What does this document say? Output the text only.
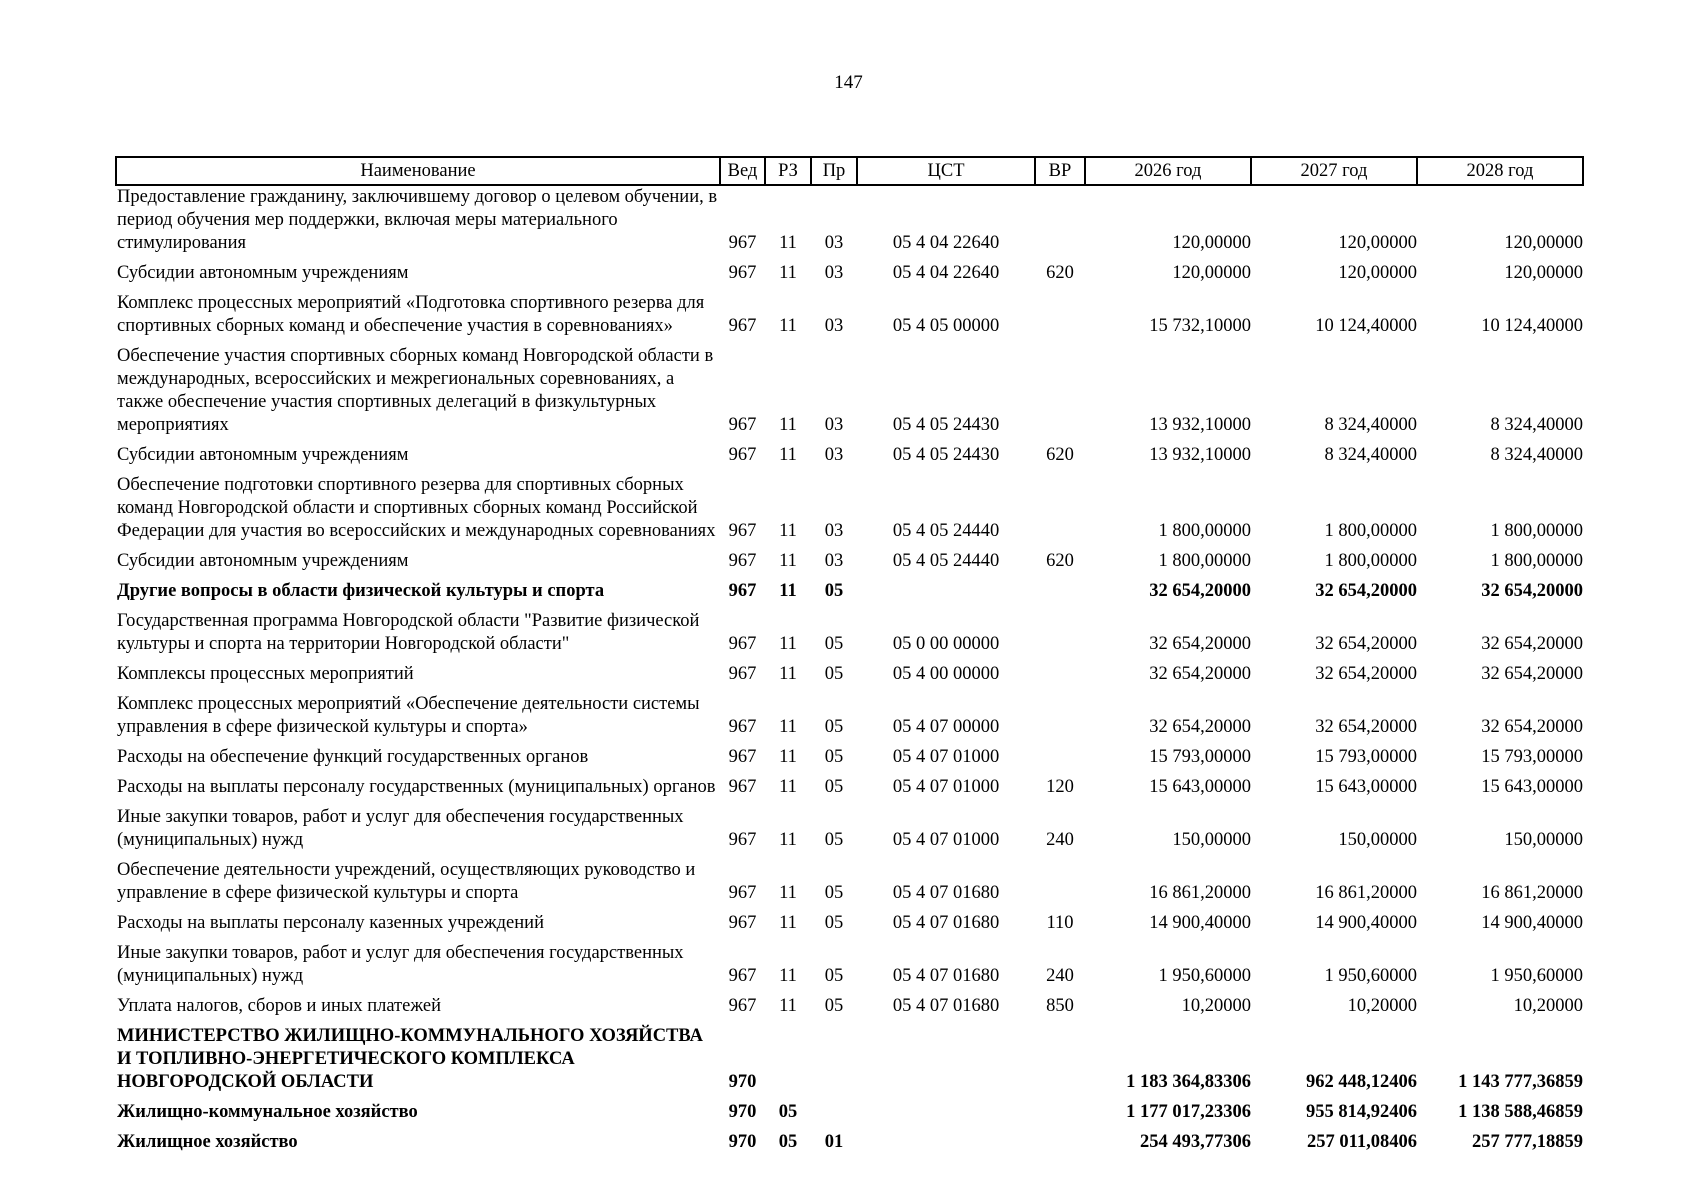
147
Наименование	Вед	РЗ	Пр	ЦСТ	ВР	2026 год	2027 год	2028 год
Предоставление гражданину, заключившему договор о целевом обучении, в период обучения мер поддержки, включая меры материального стимулирования	967	11	03	05 4 04 22640		120,00000	120,00000	120,00000
Субсидии автономным учреждениям	967	11	03	05 4 04 22640	620	120,00000	120,00000	120,00000
Комплекс процессных мероприятий «Подготовка спортивного резерва для спортивных сборных команд и обеспечение участия в соревнованиях»	967	11	03	05 4 05 00000		15 732,10000	10 124,40000	10 124,40000
Обеспечение участия спортивных сборных команд Новгородской области в международных, всероссийских и межрегиональных соревнованиях, а также обеспечение участия спортивных делегаций в физкультурных мероприятиях	967	11	03	05 4 05 24430		13 932,10000	8 324,40000	8 324,40000
Субсидии автономным учреждениям	967	11	03	05 4 05 24430	620	13 932,10000	8 324,40000	8 324,40000
Обеспечение подготовки спортивного резерва для спортивных сборных команд Новгородской области и спортивных сборных команд Российской Федерации для участия во всероссийских и международных соревнованиях	967	11	03	05 4 05 24440		1 800,00000	1 800,00000	1 800,00000
Субсидии автономным учреждениям	967	11	03	05 4 05 24440	620	1 800,00000	1 800,00000	1 800,00000
Другие вопросы в области физической культуры и спорта	967	11	05			32 654,20000	32 654,20000	32 654,20000
Государственная программа Новгородской области "Развитие физической культуры и спорта на территории Новгородской области"	967	11	05	05 0 00 00000		32 654,20000	32 654,20000	32 654,20000
Комплексы процессных мероприятий	967	11	05	05 4 00 00000		32 654,20000	32 654,20000	32 654,20000
Комплекс процессных мероприятий «Обеспечение деятельности системы управления в сфере физической культуры и спорта»	967	11	05	05 4 07 00000		32 654,20000	32 654,20000	32 654,20000
Расходы на обеспечение функций государственных органов	967	11	05	05 4 07 01000		15 793,00000	15 793,00000	15 793,00000
Расходы на выплаты персоналу государственных (муниципальных) органов	967	11	05	05 4 07 01000	120	15 643,00000	15 643,00000	15 643,00000
Иные закупки товаров, работ и услуг для обеспечения государственных (муниципальных) нужд	967	11	05	05 4 07 01000	240	150,00000	150,00000	150,00000
Обеспечение деятельности учреждений, осуществляющих руководство и управление в сфере физической культуры и спорта	967	11	05	05 4 07 01680		16 861,20000	16 861,20000	16 861,20000
Расходы на выплаты персоналу казенных учреждений	967	11	05	05 4 07 01680	110	14 900,40000	14 900,40000	14 900,40000
Иные закупки товаров, работ и услуг для обеспечения государственных (муниципальных) нужд	967	11	05	05 4 07 01680	240	1 950,60000	1 950,60000	1 950,60000
Уплата налогов, сборов и иных платежей	967	11	05	05 4 07 01680	850	10,20000	10,20000	10,20000
МИНИСТЕРСТВО ЖИЛИЩНО-КОММУНАЛЬНОГО ХОЗЯЙСТВА И ТОПЛИВНО-ЭНЕРГЕТИЧЕСКОГО КОМПЛЕКСА НОВГОРОДСКОЙ ОБЛАСТИ	970					1 183 364,83306	962 448,12406	1 143 777,36859
Жилищно-коммунальное хозяйство	970	05				1 177 017,23306	955 814,92406	1 138 588,46859
Жилищное хозяйство	970	05	01			254 493,77306	257 011,08406	257 777,18859
